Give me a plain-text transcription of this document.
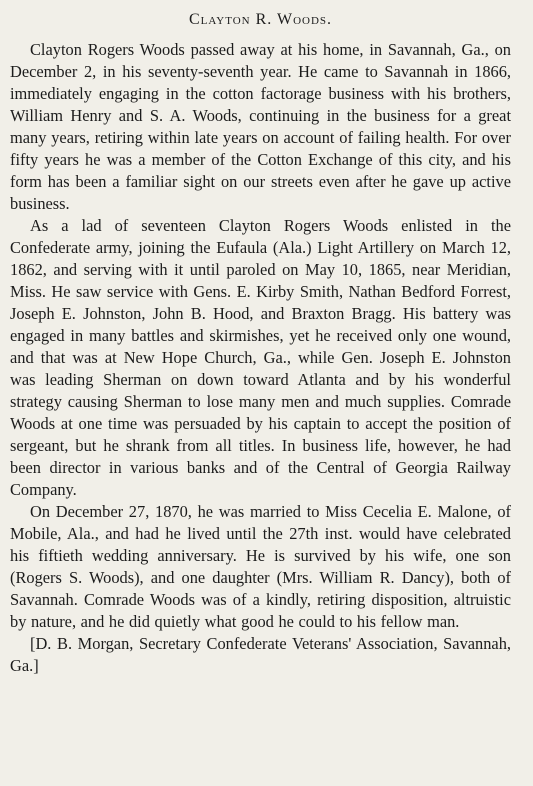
Clayton R. Woods.

Clayton Rogers Woods passed away at his home, in Savannah, Ga., on December 2, in his seventy-seventh year. He came to Savannah in 1866, immediately engaging in the cotton factorage business with his brothers, William Henry and S. A. Woods, continuing in the business for a great many years, retiring within late years on account of failing health. For over fifty years he was a member of the Cotton Exchange of this city, and his form has been a familiar sight on our streets even after he gave up active business.

As a lad of seventeen Clayton Rogers Woods enlisted in the Confederate army, joining the Eufaula (Ala.) Light Artillery on March 12, 1862, and serving with it until paroled on May 10, 1865, near Meridian, Miss. He saw service with Gens. E. Kirby Smith, Nathan Bedford Forrest, Joseph E. Johnston, John B. Hood, and Braxton Bragg. His battery was engaged in many battles and skirmishes, yet he received only one wound, and that was at New Hope Church, Ga., while Gen. Joseph E. Johnston was leading Sherman on down toward Atlanta and by his wonderful strategy causing Sherman to lose many men and much supplies. Comrade Woods at one time was persuaded by his captain to accept the position of sergeant, but he shrank from all titles. In business life, however, he had been director in various banks and of the Central of Georgia Railway Company.

On December 27, 1870, he was married to Miss Cecelia E. Malone, of Mobile, Ala., and had he lived until the 27th inst. would have celebrated his fiftieth wedding anniversary. He is survived by his wife, one son (Rogers S. Woods), and one daughter (Mrs. William R. Dancy), both of Savannah. Comrade Woods was of a kindly, retiring disposition, altruistic by nature, and he did quietly what good he could to his fellow man.

[D. B. Morgan, Secretary Confederate Veterans' Association, Savannah, Ga.]
